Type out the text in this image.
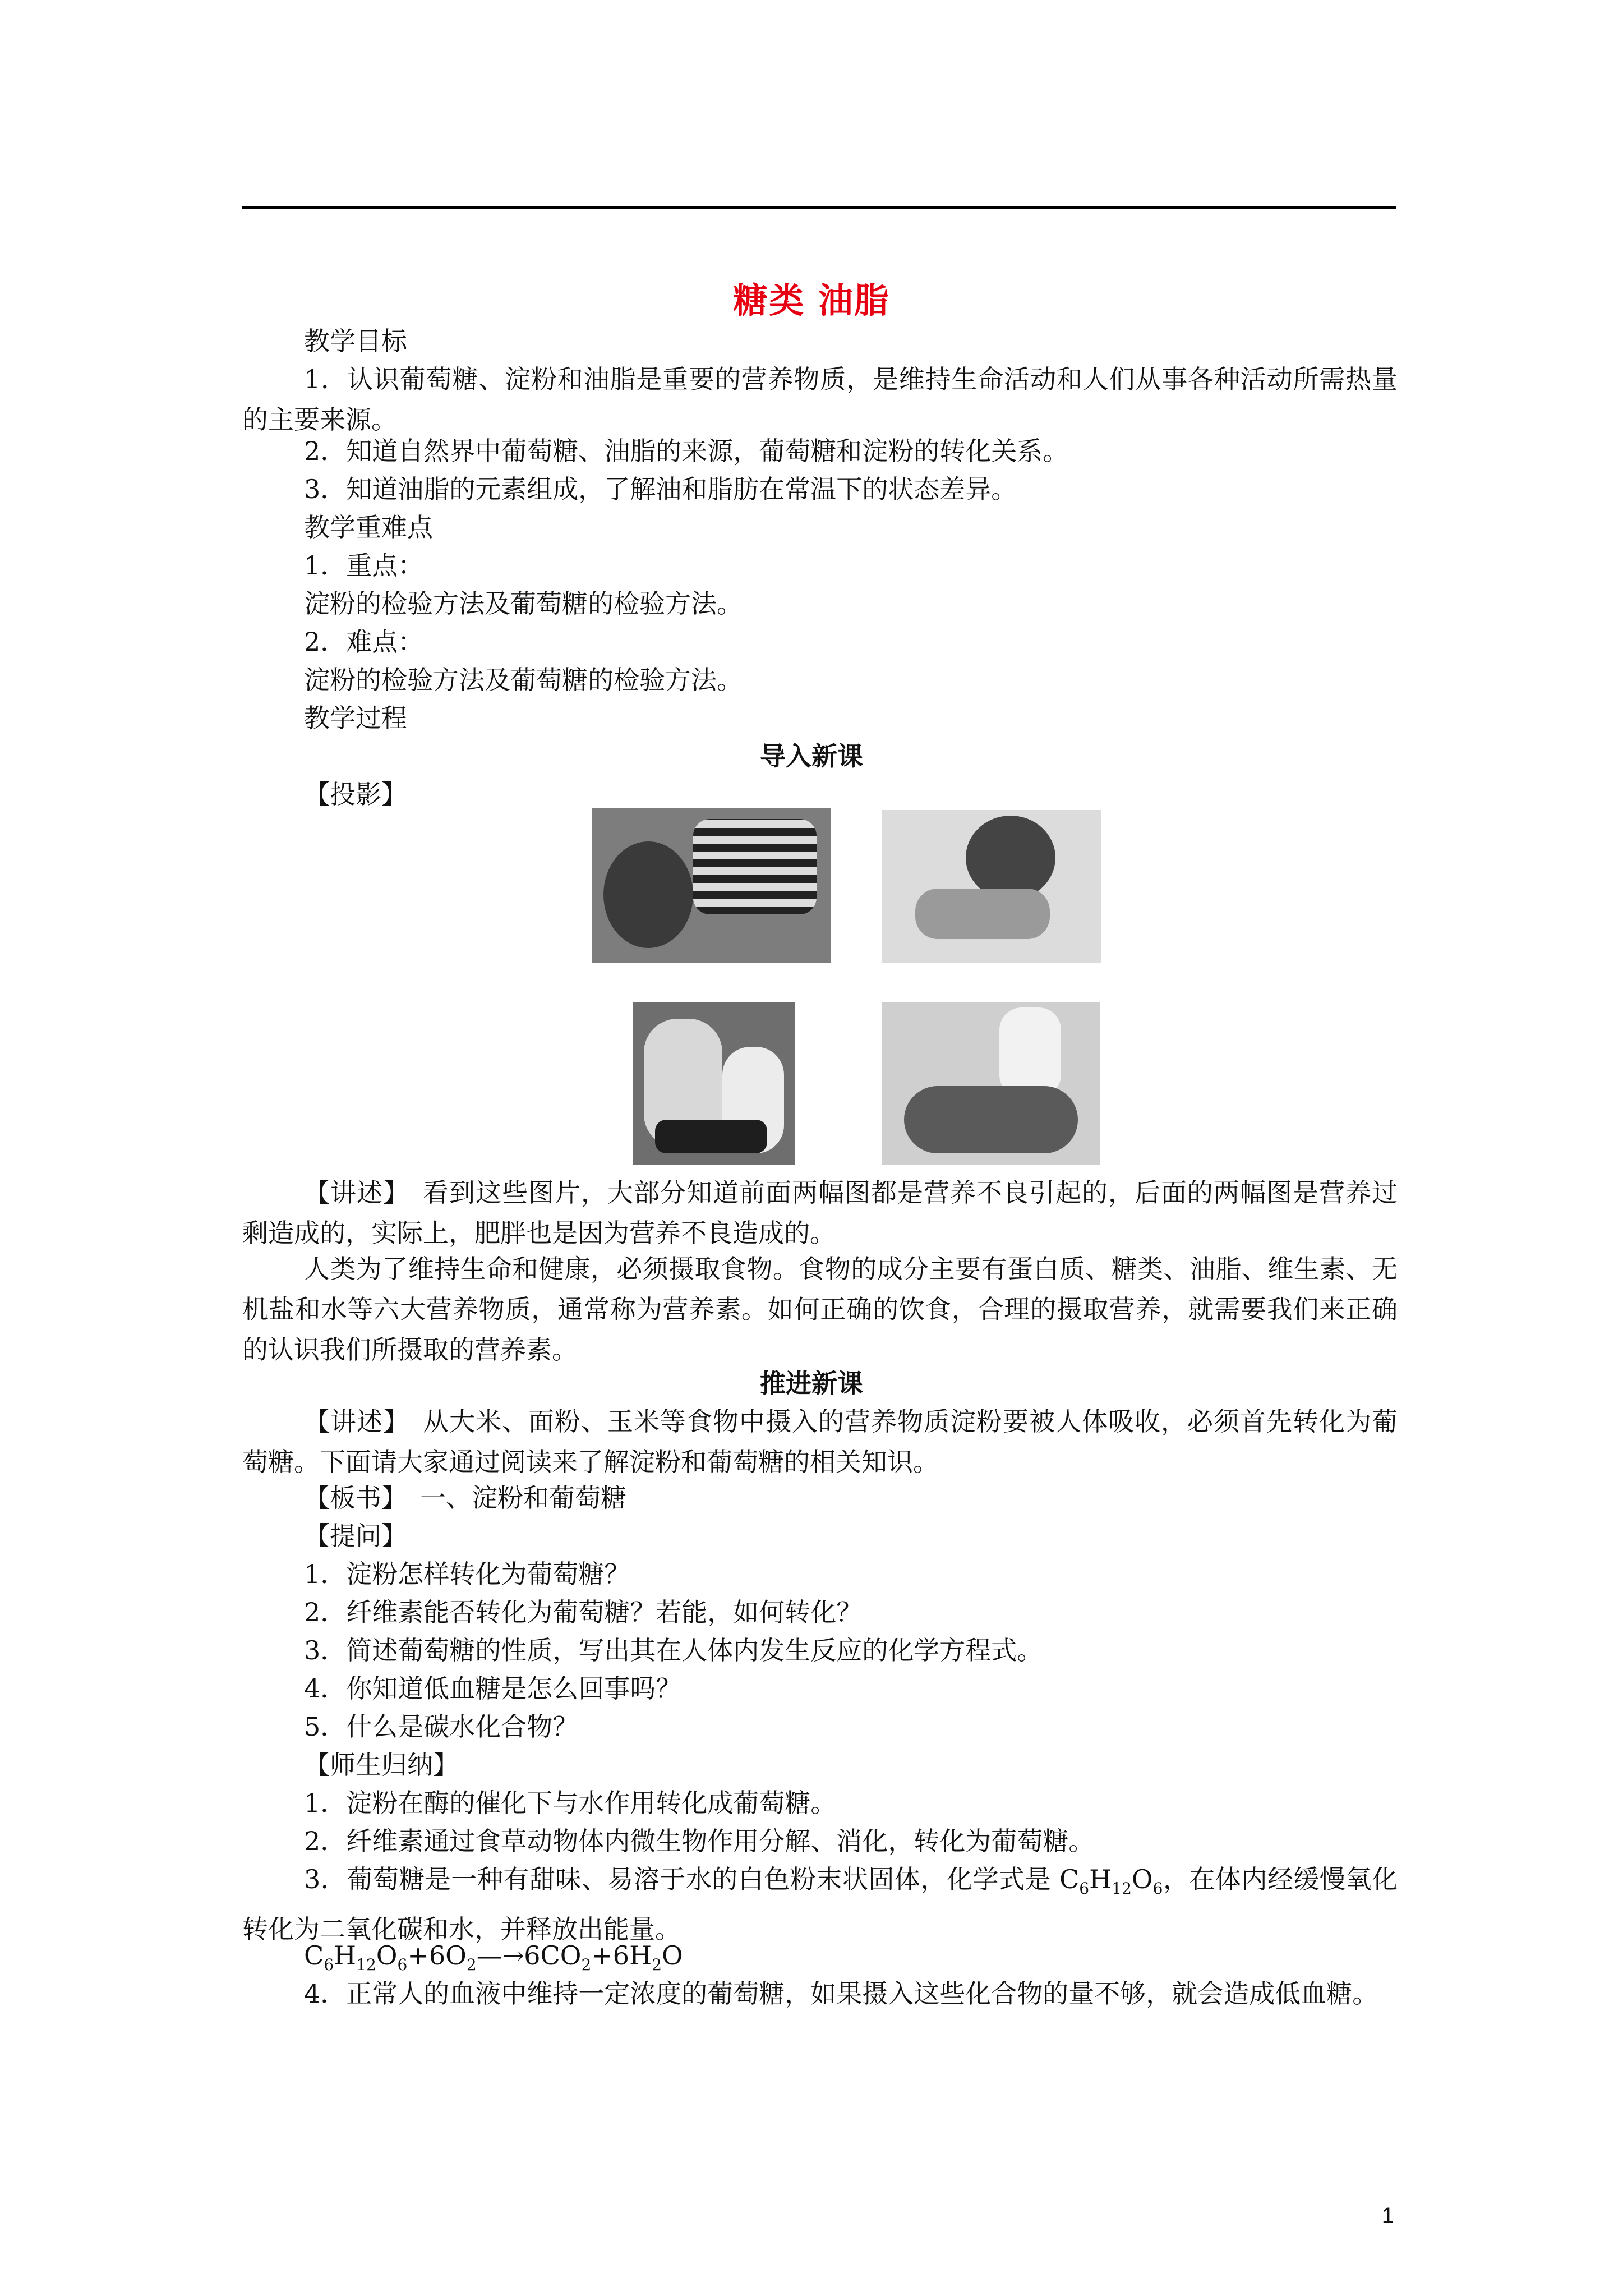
糖类 油脂
教学目标
1．认识葡萄糖、淀粉和油脂是重要的营养物质，是维持生命活动和人们从事各种活动所需热量的主要来源。
2．知道自然界中葡萄糖、油脂的来源，葡萄糖和淀粉的转化关系。
3．知道油脂的元素组成，了解油和脂肪在常温下的状态差异。
教学重难点
1．重点：
淀粉的检验方法及葡萄糖的检验方法。
2．难点：
淀粉的检验方法及葡萄糖的检验方法。
教学过程
导入新课
【投影】
【讲述】　看到这些图片，大部分知道前面两幅图都是营养不良引起的，后面的两幅图是营养过剩造成的，实际上，肥胖也是因为营养不良造成的。
人类为了维持生命和健康，必须摄取食物。食物的成分主要有蛋白质、糖类、油脂、维生素、无机盐和水等六大营养物质，通常称为营养素。如何正确的饮食，合理的摄取营养，就需要我们来正确的认识我们所摄取的营养素。
推进新课
【讲述】　从大米、面粉、玉米等食物中摄入的营养物质淀粉要被人体吸收，必须首先转化为葡萄糖。下面请大家通过阅读来了解淀粉和葡萄糖的相关知识。
【板书】　一、淀粉和葡萄糖
【提问】
1．淀粉怎样转化为葡萄糖？
2．纤维素能否转化为葡萄糖？若能，如何转化？
3．简述葡萄糖的性质，写出其在人体内发生反应的化学方程式。
4．你知道低血糖是怎么回事吗？
5．什么是碳水化合物？
【师生归纳】
1．淀粉在酶的催化下与水作用转化成葡萄糖。
2．纤维素通过食草动物体内微生物作用分解、消化，转化为葡萄糖。
3．葡萄糖是一种有甜味、易溶于水的白色粉末状固体，化学式是 $C_6H_{12}O_6$，在体内经缓慢氧化转化为二氧化碳和水，并释放出能量。
$C_6H_{12}O_6+6O_2—\to 6CO_2+6H_2O$
4．正常人的血液中维持一定浓度的葡萄糖，如果摄入这些化合物的量不够，就会造成低血糖。
1
